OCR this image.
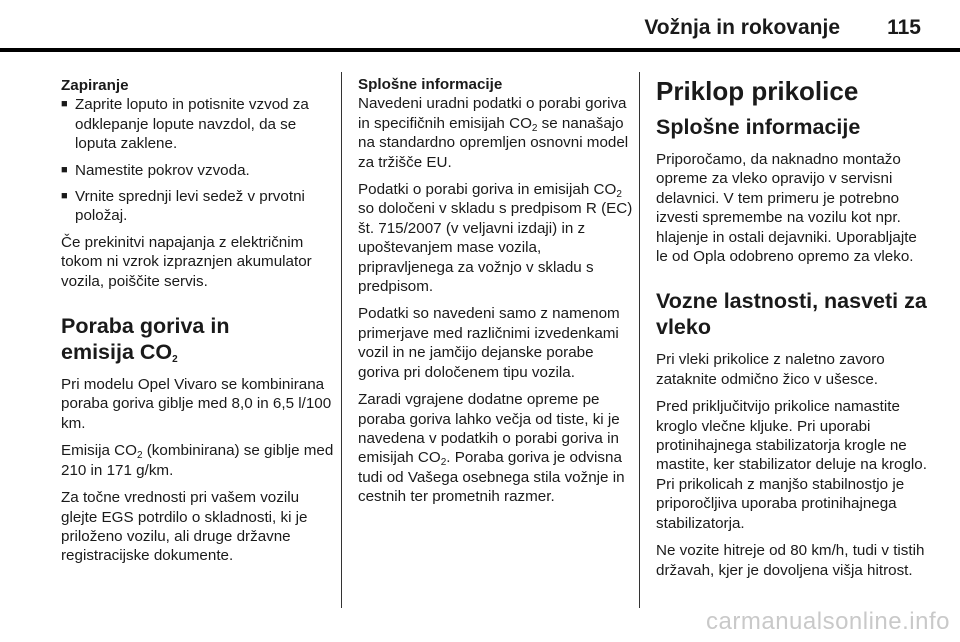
Vožnja in rokovanje 115
Zapiranje
■ Zaprite loputo in potisnite vzvod za odklepanje lopute navzdol, da se loputa zaklene.
■ Namestite pokrov vzvoda.
■ Vrnite sprednji levi sedež v prvotni položaj.

Če prekinitvi napajanja z električnim tokom ni vzrok izpraznjen akumulator vozila, poiščite servis.

Poraba goriva in
emisija $CO_2$

Pri modelu Opel Vivaro se kombinirana poraba goriva giblje med 8,0 in 6,5 l/100 km.

Emisija $CO_2$ (kombinirana) se giblje med 210 in 171 g/km.

Za točne vrednosti pri vašem vozilu glejte EGS potrdilo o skladnosti, ki je priloženo vozilu, ali druge državne registracijske dokumente.

Splošne informacije

Navedeni uradni podatki o porabi goriva in specifičnih emisijah $CO_2$ se nanašajo na standardno opremljen osnovni model za tržišče EU.

Podatki o porabi goriva in emisijah $CO_2$ so določeni v skladu s predpisom R (EC) št. 715/2007 (v veljavni izdaji) in z upoštevanjem mase vozila, pripravljenega za vožnjo v skladu s predpisom.

Podatki so navedeni samo z namenom primerjave med različnimi izvedenkami vozil in ne jamčijo dejanske porabe goriva pri določenem tipu vozila.

Zaradi vgrajene dodatne opreme pe poraba goriva lahko večja od tiste, ki je navedena v podatkih o porabi goriva in emisijah $CO_2$. Poraba goriva je odvisna tudi od Vašega osebnega stila vožnje in cestnih ter prometnih razmer.

Priklop prikolice
Splošne informacije

Priporočamo, da naknadno montažo opreme za vleko opravijo v servisni delavnici. V tem primeru je potrebno izvesti spremembe na vozilu kot npr. hlajenje in ostali dejavniki. Uporabljajte le od Opla odobreno opremo za vleko.

Vozne lastnosti, nasveti za vleko

Pri vleki prikolice z naletno zavoro zataknite odmično žico v ušesce.

Pred priključitvijo prikolice namastite kroglo vlečne kljuke. Pri uporabi protinihajnega stabilizatorja krogle ne mastite, ker stabilizator deluje na kroglo. Pri prikolicah z manjšo stabilnostjo je priporočljiva uporaba protinihajnega stabilizatorja.

Ne vozite hitreje od 80 km/h, tudi v tistih državah, kjer je dovoljena višja hitrost.

carmanualsonline.info
